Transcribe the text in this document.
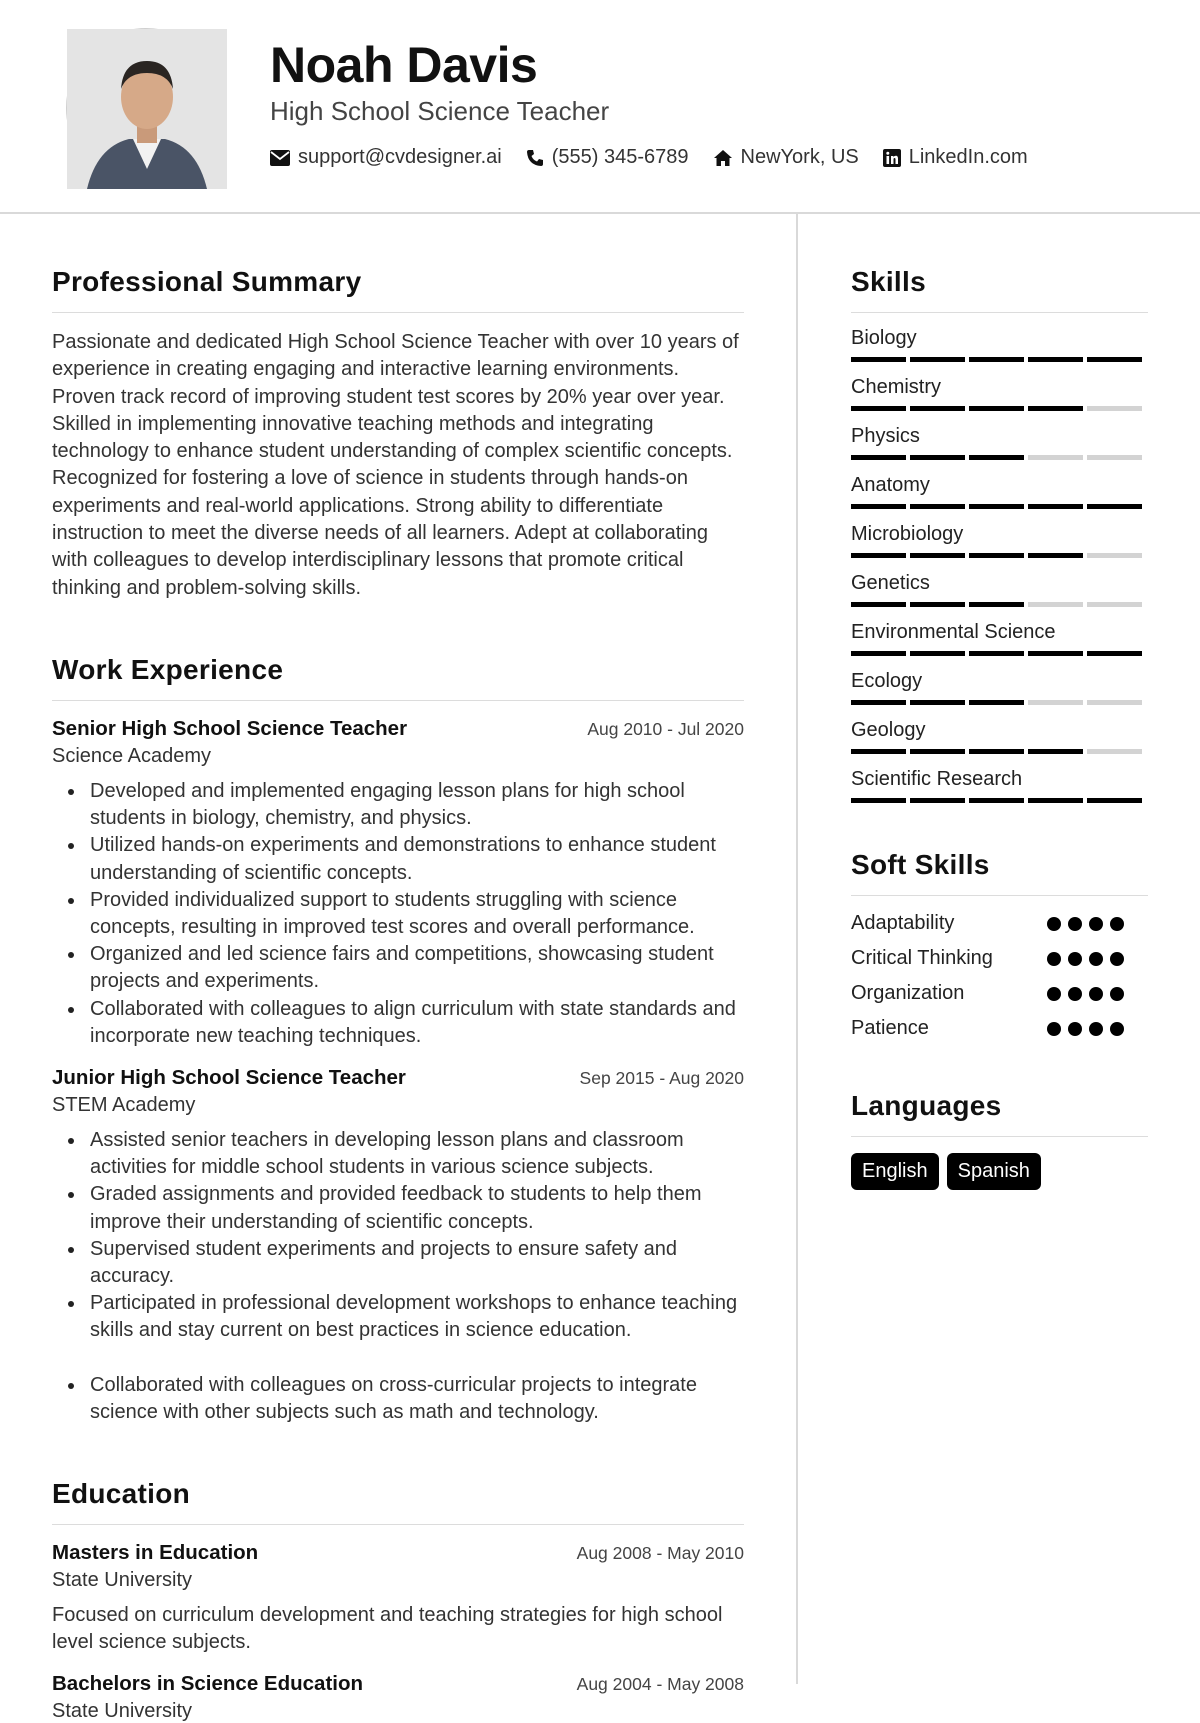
Noah Davis
High School Science Teacher
support@cvdesigner.ai	(555) 345-6789	NewYork, US	LinkedIn.com
Professional Summary
Passionate and dedicated High School Science Teacher with over 10 years of experience in creating engaging and interactive learning environments. Proven track record of improving student test scores by 20% year over year. Skilled in implementing innovative teaching methods and integrating technology to enhance student understanding of complex scientific concepts. Recognized for fostering a love of science in students through hands-on experiments and real-world applications. Strong ability to differentiate instruction to meet the diverse needs of all learners. Adept at collaborating with colleagues to develop interdisciplinary lessons that promote critical thinking and problem-solving skills.
Work Experience
Senior High School Science Teacher	Aug 2010 - Jul 2020
Science Academy
Developed and implemented engaging lesson plans for high school students in biology, chemistry, and physics.
Utilized hands-on experiments and demonstrations to enhance student understanding of scientific concepts.
Provided individualized support to students struggling with science concepts, resulting in improved test scores and overall performance.
Organized and led science fairs and competitions, showcasing student projects and experiments.
Collaborated with colleagues to align curriculum with state standards and incorporate new teaching techniques.
Junior High School Science Teacher	Sep 2015 - Aug 2020
STEM Academy
Assisted senior teachers in developing lesson plans and classroom activities for middle school students in various science subjects.
Graded assignments and provided feedback to students to help them improve their understanding of scientific concepts.
Supervised student experiments and projects to ensure safety and accuracy.
Participated in professional development workshops to enhance teaching skills and stay current on best practices in science education.
Collaborated with colleagues on cross-curricular projects to integrate science with other subjects such as math and technology.
Education
Masters in Education	Aug 2008 - May 2010
State University
Focused on curriculum development and teaching strategies for high school level science subjects.
Bachelors in Science Education	Aug 2004 - May 2008
State University
Skills
Biology
Chemistry
Physics
Anatomy
Microbiology
Genetics
Environmental Science
Ecology
Geology
Scientific Research
Soft Skills
Adaptability
Critical Thinking
Organization
Patience
Languages
English	Spanish
